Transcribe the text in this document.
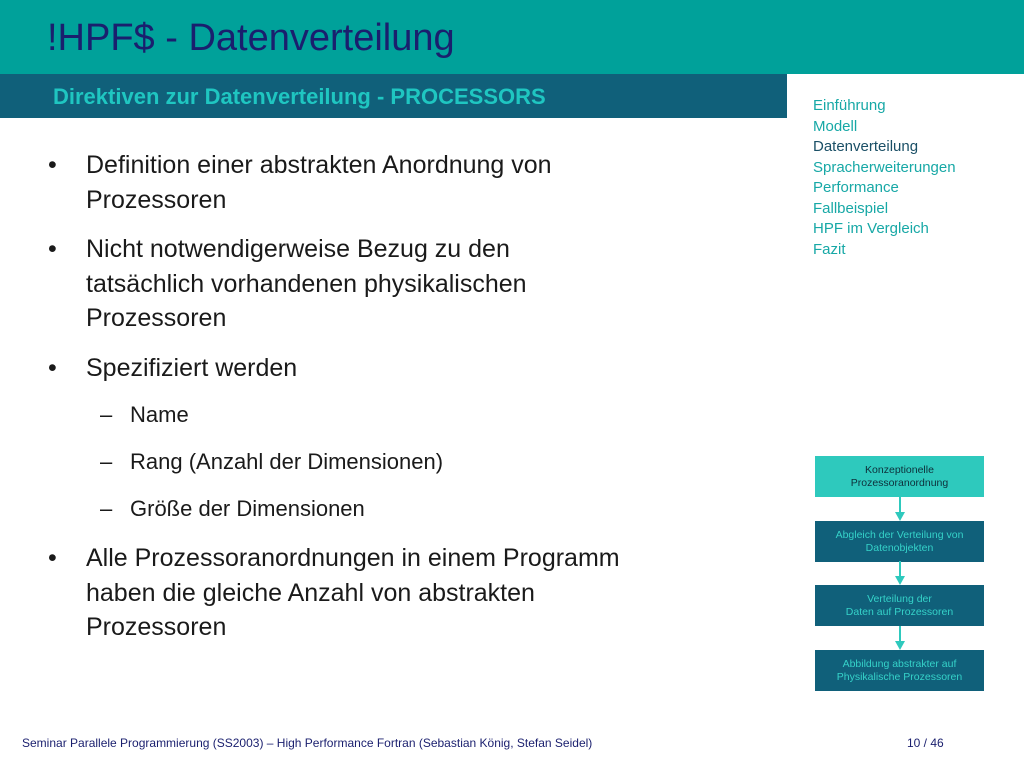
!HPF$ - Datenverteilung
Direktiven zur Datenverteilung - PROCESSORS	Einführung
Modell
Datenverteilung
Spracherweiterungen
Performance
Fallbeispiel
HPF im Vergleich
Fazit
• Definition einer abstrakten Anordnung von
Prozessoren
• Nicht notwendigerweise Bezug zu den
tatsächlich vorhandenen physikalischen
Prozessoren
• Spezifiziert werden
– Name
– Rang (Anzahl der Dimensionen)
– Größe der Dimensionen
• Alle Prozessoranordnungen in einem Programm
haben die gleiche Anzahl von abstrakten
Prozessoren
Konzeptionelle
Prozessoranordnung
Abgleich der Verteilung von
Datenobjekten
Verteilung der
Daten auf Prozessoren
Abbildung abstrakter auf
Physikalische Prozessoren
Seminar Parallele Programmierung (SS2003) – High Performance Fortran (Sebastian König, Stefan Seidel)	10 / 46
